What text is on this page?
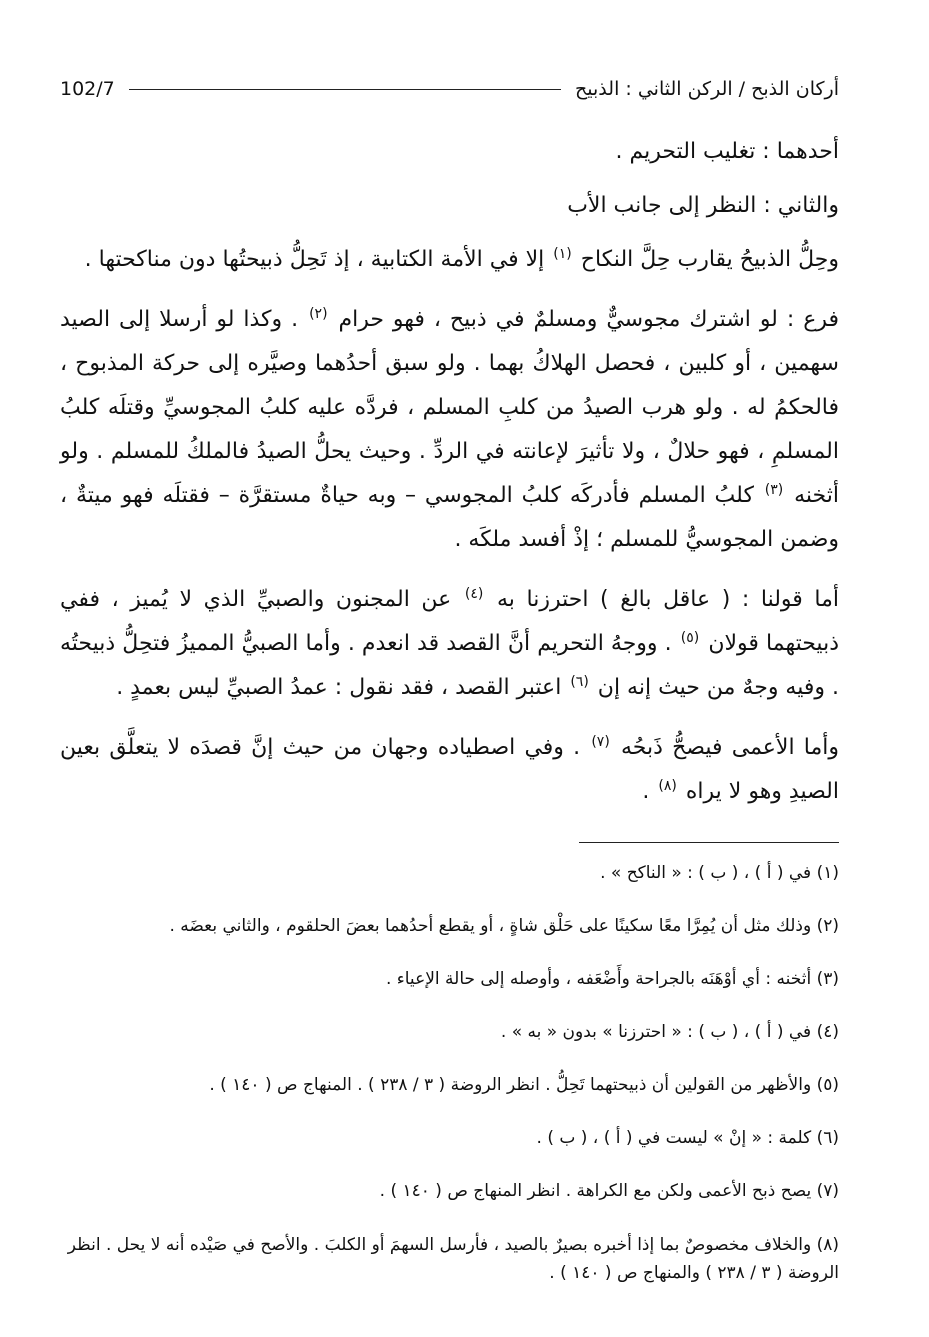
102/7	أركان الذبح / الركن الثاني : الذبيح

أحدهما : تغليب التحريم .

والثاني : النظر إلى جانب الأب

وحِلُّ الذبيحُ يقارب حِلَّ النكاح $^{(١)}$ إلا في الأمة الكتابية ، إذ تَحِلُّ ذبيحتُها دون مناكحتها .

فرع : لو اشترك مجوسيٌّ ومسلمٌ في ذبيح ، فهو حرام $^{(٢)}$ . وكذا لو أرسلا إلى الصيد سهمين ، أو كلبين ، فحصل الهلاكُ بهما . ولو سبق أحدُهما وصيَّره إلى حركة المذبوح ، فالحكمُ له . ولو هرب الصيدُ من كلبِ المسلم ، فردَّه عليه كلبُ المجوسيِّ وقتلَه كلبُ المسلمِ ، فهو حلالٌ ، ولا تأثيرَ لإعانته في الردِّ . وحيث يحلُّ الصيدُ فالملكُ للمسلم . ولو أثخنه $^{(٣)}$ كلبُ المسلم فأدركَه كلبُ المجوسي – وبه حياةٌ مستقرَّة – فقتلَه فهو ميتةٌ ، وضمن المجوسيُّ للمسلم ؛ إذْ أفسد ملكَه .

أما قولنا : ( عاقل بالغ ) احترزنا به $^{(٤)}$ عن المجنون والصبيِّ الذي لا يُميز ، ففي ذبيحتهما قولان $^{(٥)}$ . ووجهُ التحريم أنَّ القصد قد انعدم . وأما الصبيُّ المميزُ فتحِلُّ ذبيحتُه . وفيه وجهٌ من حيث إنه إن $^{(٦)}$ اعتبر القصد ، فقد نقول : عمدُ الصبيِّ ليس بعمدٍ .

وأما الأعمى فيصحُّ ذَبحُه $^{(٧)}$ . وفي اصطياده وجهان من حيث إنَّ قصدَه لا يتعلَّق بعين الصيدِ وهو لا يراه $^{(٨)}$ .

(١) في ( أ ) ، ( ب ) : « الناكح » .

(٢) وذلك مثل أن يُمِرَّا معًا سكينًا على حَلْق شاةٍ ، أو يقطع أحدُهما بعضَ الحلقوم ، والثاني بعضَه .

(٣) أثخنه : أي أوْهَنَه بالجراحة وأَضْعَفه ، وأوصله إلى حالة الإعياء .

(٤) في ( أ ) ، ( ب ) : « احترزنا » بدون « به » .

(٥) والأظهر من القولين أن ذبيحتهما تَحِلُّ . انظر الروضة ( ٣ / ٢٣٨ ) . المنهاج ص ( ١٤٠ ) .

(٦) كلمة : « إنْ » ليست في ( أ ) ، ( ب ) .

(٧) يصح ذبح الأعمى ولكن مع الكراهة . انظر المنهاج ص ( ١٤٠ ) .

(٨) والخلاف مخصوصٌ بما إذا أخبره بصيرٌ بالصيد ، فأرسل السهمَ أو الكلبَ . والأصح في صَيْده أنه لا يحل . انظر الروضة ( ٣ / ٢٣٨ ) والمنهاج ص ( ١٤٠ ) .
